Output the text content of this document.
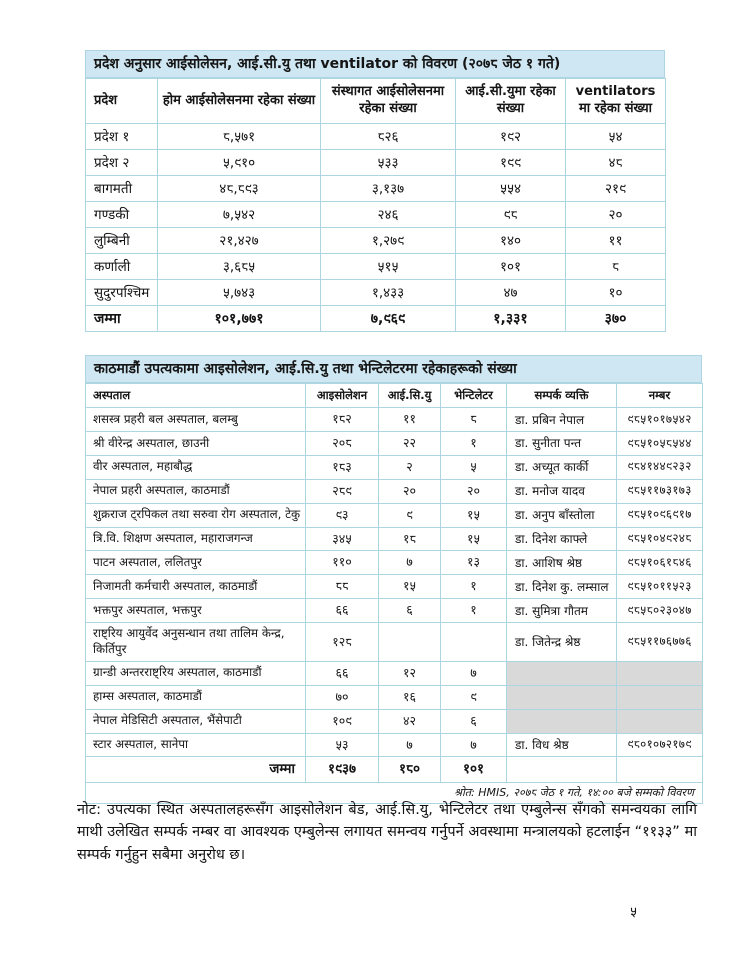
प्रदेश अनुसार आईसोलेसन, आई.सी.यु तथा ventilator को विवरण (२०७८ जेठ १ गते)
प्रदेश	होम आईसोलेसनमा रहेका संख्या	संस्थागत आईसोलेसनमा रहेका संख्या	आई.सी.युमा रहेका संख्या	ventilators मा रहेका संख्या
प्रदेश १	८,५७१	८२६	१९२	५४
प्रदेश २	५,९१०	५३३	१९९	४८
बागमती	४८,८९३	३,१३७	५५४	२१९
गण्डकी	७,५४२	२४६	९८	२०
लुम्बिनी	२१,४२७	१,२७९	१४०	११
कर्णाली	३,६८५	५१५	१०१	८
सुदुरपश्चिम	५,७४३	१,४३३	४७	१०
जम्मा	१०१,७७१	७,९६९	१,३३१	३७०
काठमाडौं उपत्यकामा आइसोलेशन, आई.सि.यु तथा भेन्टिलेटरमा रहेकाहरूको संख्या
अस्पताल	आइसोलेशन	आई.सि.यु	भेन्टिलेटर	सम्पर्क व्यक्ति	नम्बर
शसस्त्र प्रहरी बल अस्पताल, बलम्बु	१८२	११	८	डा. प्रबिन नेपाल	९८५१०१७५४२
श्री वीरेन्द्र अस्पताल, छाउनी	२०८	२२	१	डा. सुनीता पन्त	९८५१०५८५४४
वीर अस्पताल, महाबौद्ध	१८३	२	५	डा. अच्यूत कार्की	९८४१४४९२३२
नेपाल प्रहरी अस्पताल, काठमाडौं	२८९	२०	२०	डा. मनोज यादव	९८५११७३१७३
शुक्रराज ट्रपिकल तथा सरुवा रोग अस्पताल, टेकु	९३	९	१५	डा. अनुप बाँस्तोला	९८५१०९६९१७
त्रि.वि. शिक्षण अस्पताल, महाराजगन्ज	३४५	१८	१५	डा. दिनेश काफ्ले	९८५१०४९२४८
पाटन अस्पताल, ललितपुर	११०	७	१३	डा. आशिष श्रेष्ठ	९८५१०६१८४६
निजामती कर्मचारी अस्पताल, काठमाडौं	८८	१५	१	डा. दिनेश कु. लम्साल	९८५१०११५२३
भक्तपुर अस्पताल, भक्तपुर	६६	६	१	डा. सुमित्रा गौतम	९८५८०२३०४७
राष्ट्रिय आयुर्वेद अनुसन्धान तथा तालिम केन्द्र, किर्तिपुर	१२८			डा. जितेन्द्र श्रेष्ठ	९८५११७६७७६
ग्रान्डी अन्तरराष्ट्रिय अस्पताल, काठमाडौं	६६	१२	७		
हाम्स अस्पताल, काठमाडौं	७०	१६	९		
नेपाल मेडिसिटी अस्पताल, भैंसेपाटी	१०९	४२	६		
स्टार अस्पताल, सानेपा	५३	७	७	डा. विध श्रेष्ठ	९८०१०७२१७९
जम्मा	१९३७	१८०	१०१		
श्रोत: HMIS, २०७८ जेठ १ गते, १४:०० बजे सम्मको विवरण					
नोट: उपत्यका स्थित अस्पतालहरूसँग आइसोलेशन बेड, आई.सि.यु, भेन्टिलेटर तथा एम्बुलेन्स सँगको समन्वयका लागि माथी उलेखित सम्पर्क नम्बर वा आवश्यक एम्बुलेन्स लगायत समन्वय गर्नुपर्ने अवस्थामा मन्त्रालयको हटलाईन “११३३” मा सम्पर्क गर्नुहुन सबैमा अनुरोध छ।
५
